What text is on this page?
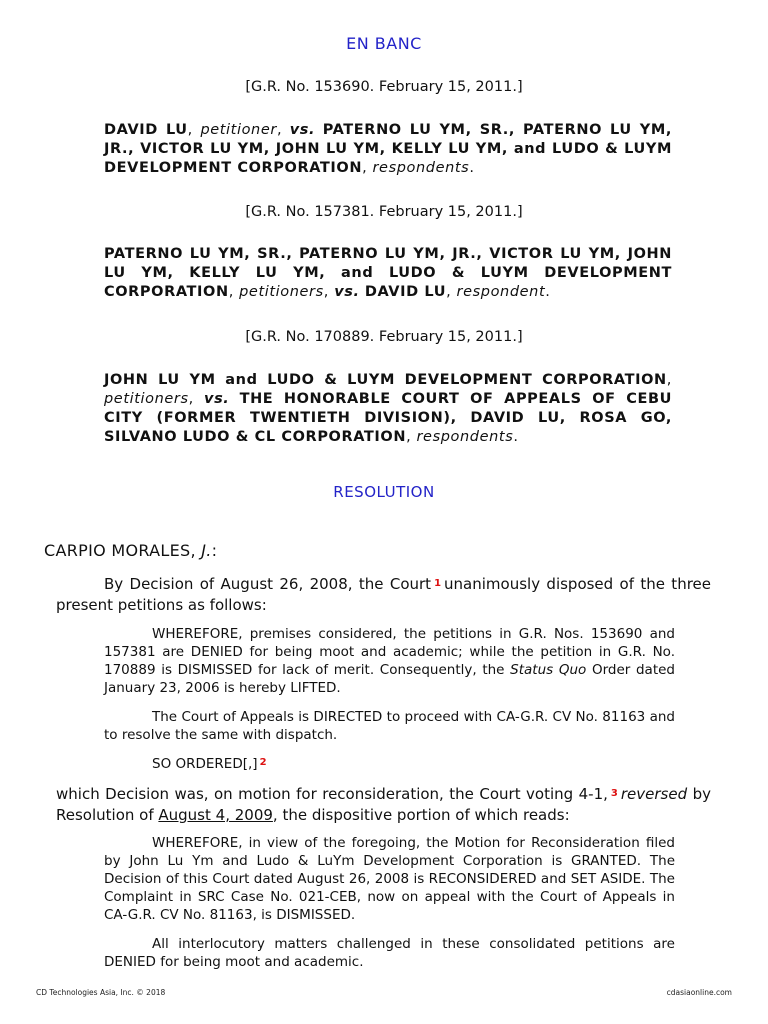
EN BANC
[G.R. No. 153690. February 15, 2011.]
DAVID LU, petitioner, vs. PATERNO LU YM, SR., PATERNO LU YM, JR., VICTOR LU YM, JOHN LU YM, KELLY LU YM, and LUDO & LUYM DEVELOPMENT CORPORATION, respondents.
[G.R. No. 157381. February 15, 2011.]
PATERNO LU YM, SR., PATERNO LU YM, JR., VICTOR LU YM, JOHN LU YM, KELLY LU YM, and LUDO & LUYM DEVELOPMENT CORPORATION, petitioners, vs. DAVID LU, respondent.
[G.R. No. 170889. February 15, 2011.]
JOHN LU YM and LUDO & LUYM DEVELOPMENT CORPORATION, petitioners, vs. THE HONORABLE COURT OF APPEALS OF CEBU CITY (FORMER TWENTIETH DIVISION), DAVID LU, ROSA GO, SILVANO LUDO & CL CORPORATION, respondents.
RESOLUTION
CARPIO MORALES, J.:
By Decision of August 26, 2008, the Court $^1$ unanimously disposed of the three present petitions as follows:
WHEREFORE, premises considered, the petitions in G.R. Nos. 153690 and 157381 are DENIED for being moot and academic; while the petition in G.R. No. 170889 is DISMISSED for lack of merit. Consequently, the Status Quo Order dated January 23, 2006 is hereby LIFTED.
The Court of Appeals is DIRECTED to proceed with CA-G.R. CV No. 81163 and to resolve the same with dispatch.
SO ORDERED[,] $^2$
which Decision was, on motion for reconsideration, the Court voting 4-1, $^3$ reversed by Resolution of August 4, 2009, the dispositive portion of which reads:
WHEREFORE, in view of the foregoing, the Motion for Reconsideration filed by John Lu Ym and Ludo & LuYm Development Corporation is GRANTED. The Decision of this Court dated August 26, 2008 is RECONSIDERED and SET ASIDE. The Complaint in SRC Case No. 021-CEB, now on appeal with the Court of Appeals in CA-G.R. CV No. 81163, is DISMISSED.
All interlocutory matters challenged in these consolidated petitions are DENIED for being moot and academic.
CD Technologies Asia, Inc. © 2018	cdasiaonline.com
